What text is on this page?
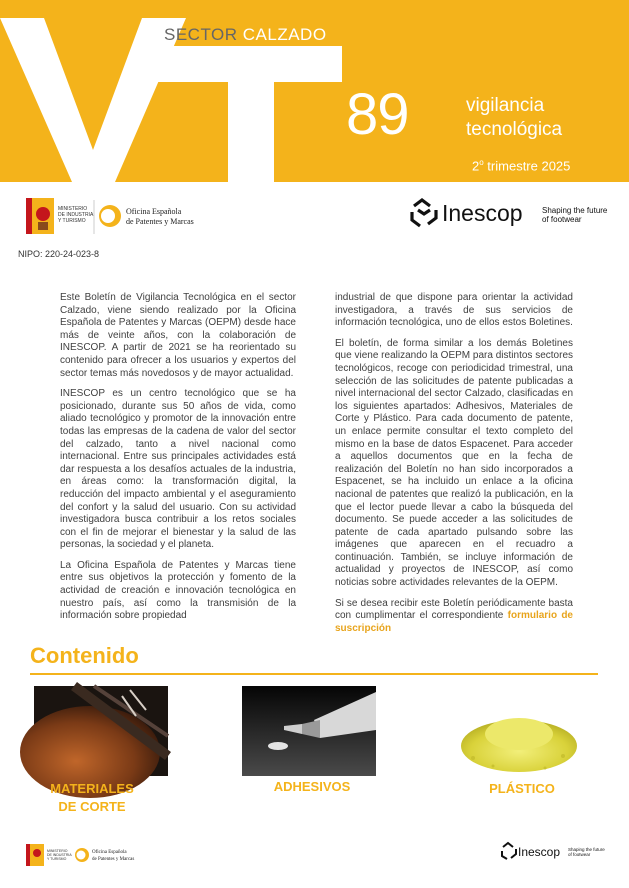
SECTOR CALZADO
89	vigilancia
tecnológica
2$^o$ trimestre 2025
MINISTERIO
DE INDUSTRIA
Y TURISMO
Oficina Española
de Patentes y Marcas	Inescop Shaping the future
of footwear
NIPO: 220-24-023-8

Este Boletín de Vigilancia Tecnológica en el sector Calzado, viene siendo realizado por la Oficina Española de Patentes y Marcas (OEPM) desde hace más de veinte años, con la colaboración de INESCOP. A partir de 2021 se ha reorientado su contenido para ofrecer a los usuarios y expertos del sector temas más novedosos y de mayor actualidad.

INESCOP es un centro tecnológico que se ha posicionado, durante sus 50 años de vida, como aliado tecnológico y promotor de la innovación entre todas las empresas de la cadena de valor del sector del calzado, tanto a nivel nacional como internacional. Entre sus principales actividades está dar respuesta a los desafíos actuales de la industria, en áreas como: la transformación digital, la reducción del impacto ambiental y el aseguramiento del confort y la salud del usuario. Con su actividad investigadora busca contribuir a los retos sociales con el fin de mejorar el bienestar y la salud de las personas, la sociedad y el planeta.

La Oficina Española de Patentes y Marcas tiene entre sus objetivos la protección y fomento de la actividad de creación e innovación tecnológica en nuestro país, así como la transmisión de la información sobre propiedad

industrial de que dispone para orientar la actividad investigadora, a través de sus servicios de información tecnológica, uno de ellos estos Boletines.

El boletín, de forma similar a los demás Boletines que viene realizando la OEPM para distintos sectores tecnológicos, recoge con periodicidad trimestral, una selección de las solicitudes de patente publicadas a nivel internacional del sector Calzado, clasificadas en los siguientes apartados: Adhesivos, Materiales de Corte y Plástico. Para cada documento de patente, un enlace permite consultar el texto completo del mismo en la base de datos Espacenet. Para acceder a aquellos documentos que en la fecha de realización del Boletín no han sido incorporados a Espacenet, se ha incluido un enlace a la oficina nacional de patentes que realizó la publicación, en la que el lector puede llevar a cabo la búsqueda del documento. Se puede acceder a las solicitudes de patente de cada apartado pulsando sobre las imágenes que aparecen en el recuadro a continuación. También, se incluye información de actualidad y proyectos de INESCOP, así como noticias sobre actividades relevantes de la OEPM.

Si se desea recibir este Boletín periódicamente basta con cumplimentar el correspondiente formulario de suscripción

Contenido
MATERIALES
DE CORTE
ADHESIVOS	PLÁSTICO
MINISTERIO
DE INDUSTRIA
Y TURISMO
Oficina Española
de Patentes y Marcas
Inescop Shaping the future
of footwear
